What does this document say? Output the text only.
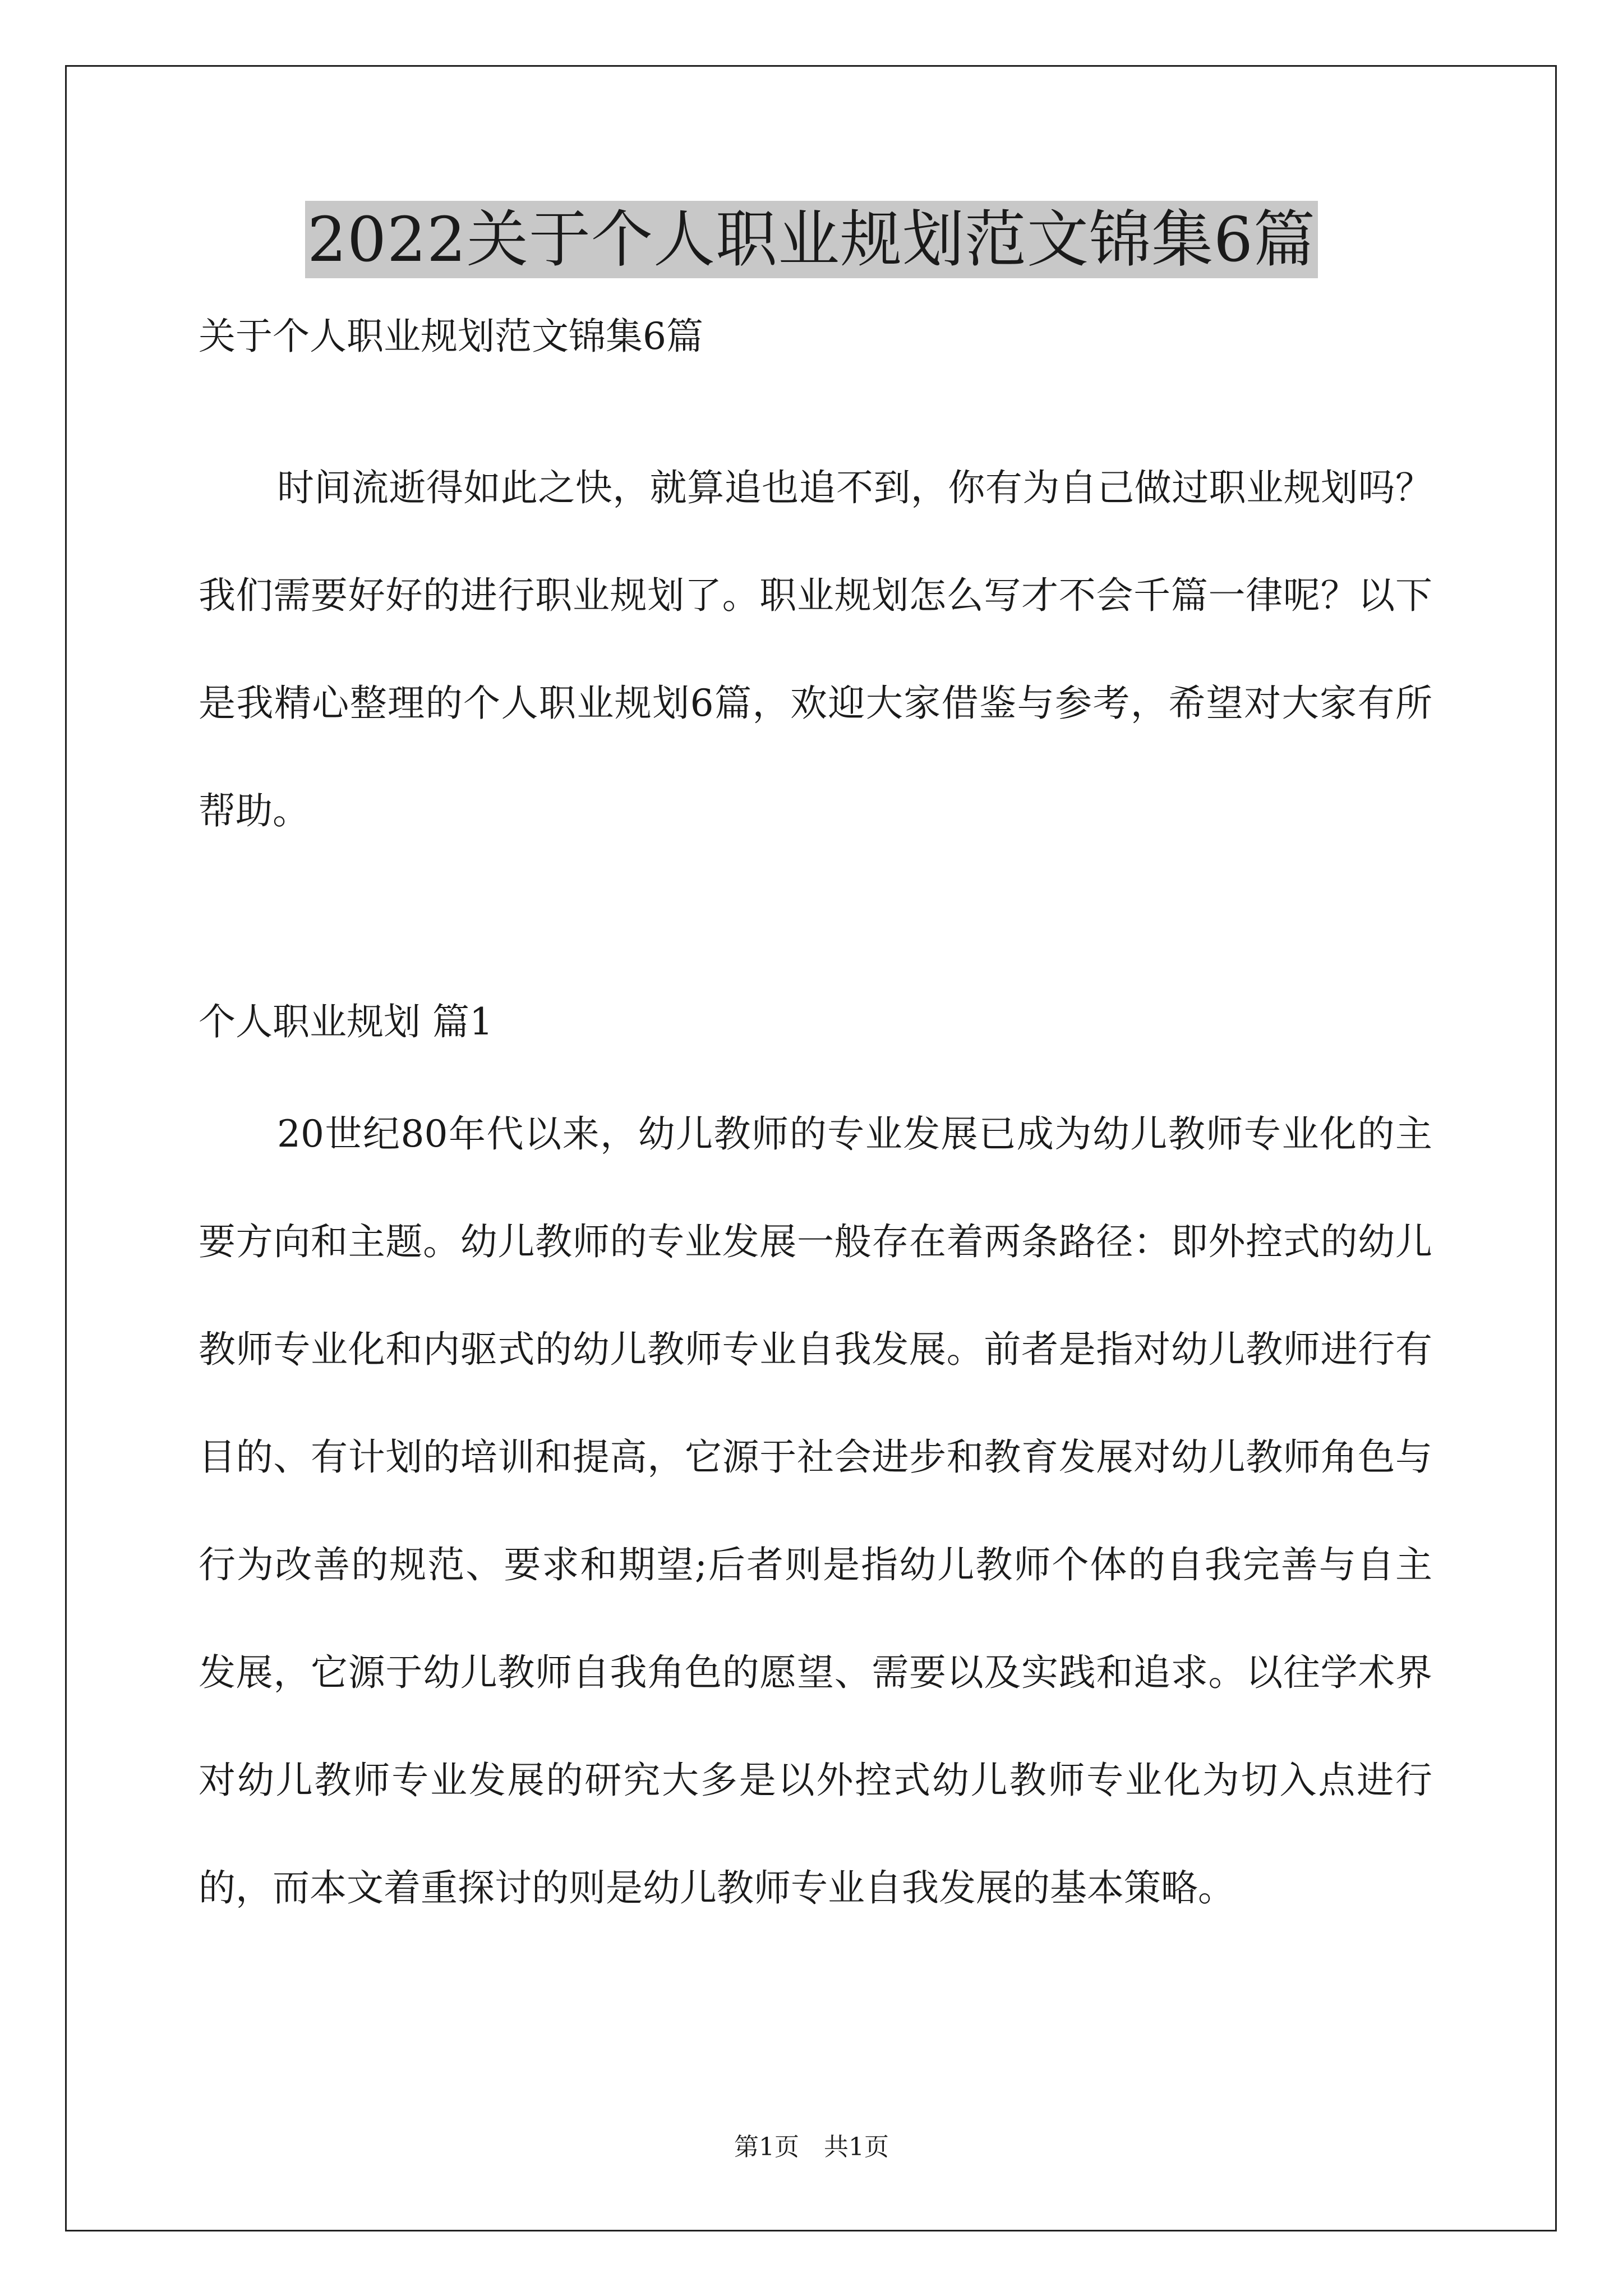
2022关于个人职业规划范文锦集6篇
关于个人职业规划范文锦集6篇

时间流逝得如此之快，就算追也追不到，你有为自己做过职业规划吗？我们需要好好的进行职业规划了。职业规划怎么写才不会千篇一律呢？以下是我精心整理的个人职业规划6篇，欢迎大家借鉴与参考，希望对大家有所帮助。

个人职业规划 篇1

20世纪80年代以来，幼儿教师的专业发展已成为幼儿教师专业化的主要方向和主题。幼儿教师的专业发展一般存在着两条路径：即外控式的幼儿教师专业化和内驱式的幼儿教师专业自我发展。前者是指对幼儿教师进行有目的、有计划的培训和提高，它源于社会进步和教育发展对幼儿教师角色与行为改善的规范、要求和期望;后者则是指幼儿教师个体的自我完善与自主发展，它源于幼儿教师自我角色的愿望、需要以及实践和追求。以往学术界对幼儿教师专业发展的研究大多是以外控式幼儿教师专业化为切入点进行的，而本文着重探讨的则是幼儿教师专业自我发展的基本策略。

第1页　共1页
